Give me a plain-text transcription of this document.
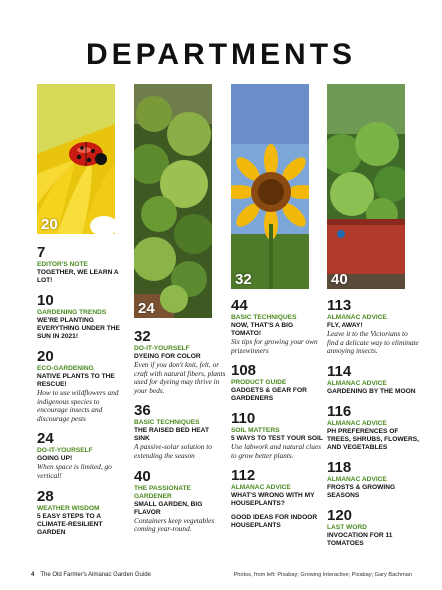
DEPARTMENTS
20
24
32	40
7
EDITOR'S NOTE
TOGETHER, WE LEARN A LOT!
10
GARDENING TRENDS
WE'RE PLANTING EVERYTHING UNDER THE SUN IN 2021!
20
ECO-GARDENING
NATIVE PLANTS TO THE RESCUE!
How to use wildflowers and indigenous species to encourage insects and discourage pests
24
DO-IT-YOURSELF
GOING UP!
When space is limited, go vertical!
28
WEATHER WISDOM
5 EASY STEPS TO A CLIMATE-RESILIENT GARDEN
32
DO-IT-YOURSELF
DYEING FOR COLOR
Even if you don't knit, felt, or craft with natural fibers, plants used for dyeing may thrive in your beds.
36
BASIC TECHNIQUES
THE RAISED BED HEAT SINK
A passive-solar solution to extending the season
40
THE PASSIONATE GARDENER
SMALL GARDEN, BIG FLAVOR
Containers keep vegetables coming year-round.
44
BASIC TECHNIQUES
NOW, THAT'S A BIG TOMATO!
Six tips for growing your own prizewinners
108
PRODUCT GUIDE
GADGETS & GEAR FOR GARDENERS
110
SOIL MATTERS
5 WAYS TO TEST YOUR SOIL
Use labwork and natural clues to grow better plants.
112
ALMANAC ADVICE
WHAT'S WRONG WITH MY HOUSEPLANTS?
GOOD IDEAS FOR INDOOR HOUSEPLANTS
113
ALMANAC ADVICE
FLY, AWAY!
Leave it to the Victorians to find a delicate way to eliminate annoying insects.
114
ALMANAC ADVICE
GARDENING BY THE MOON
116
ALMANAC ADVICE
PH PREFERENCES OF TREES, SHRUBS, FLOWERS, AND VEGETABLES
118
ALMANAC ADVICE
FROSTS & GROWING SEASONS
120
LAST WORD
INVOCATION FOR 11 TOMATOES
4 The Old Farmer's Almanac Garden Guide	Photos, from left: Pixabay; Growing Interactive; Pixabay; Gary Bachman
